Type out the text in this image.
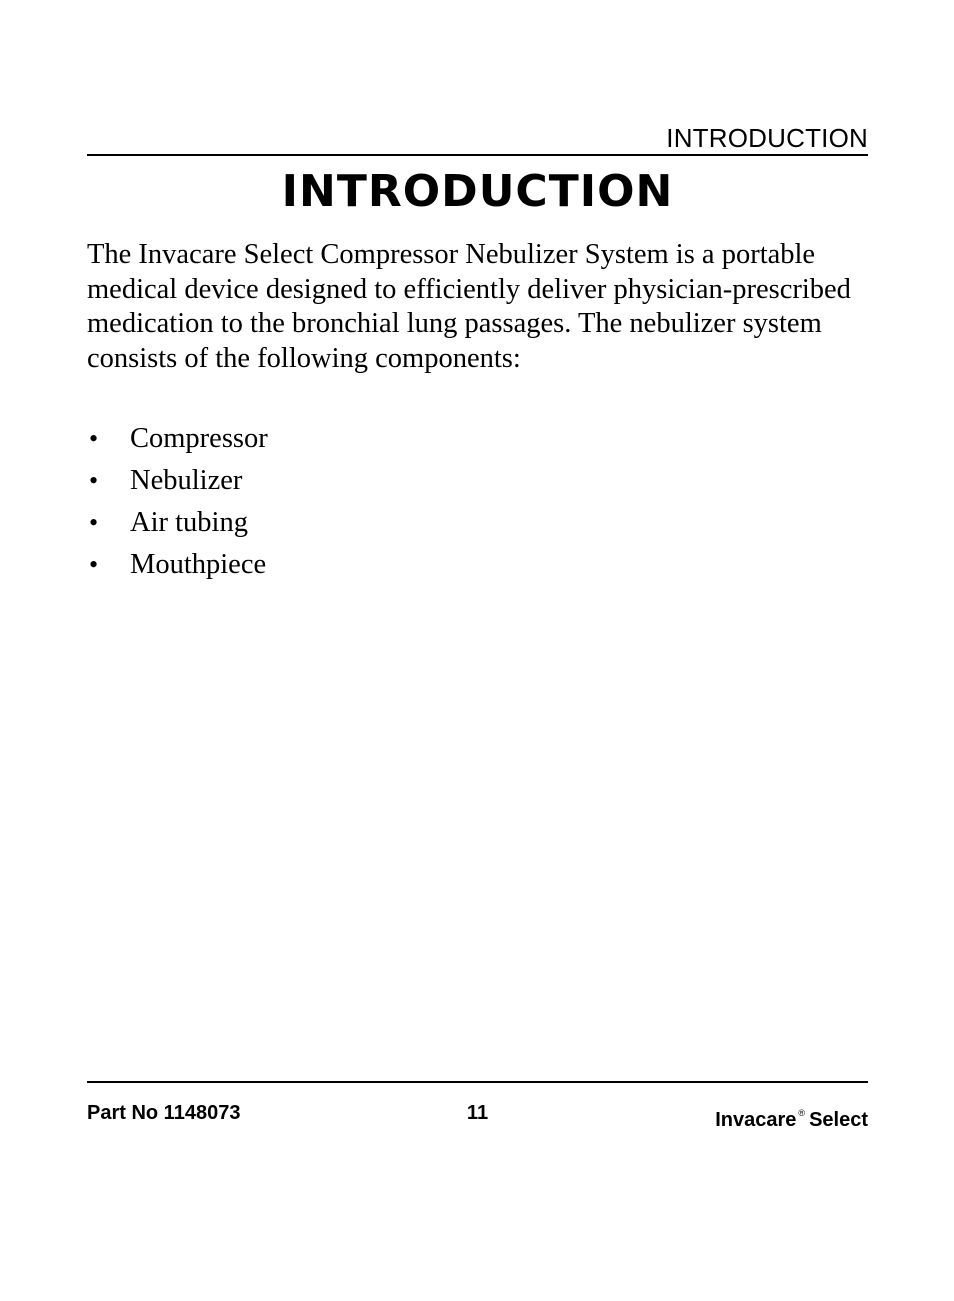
INTRODUCTION
INTRODUCTION

The Invacare Select Compressor Nebulizer System is a portable medical device designed to efficiently deliver physician-prescribed medication to the bronchial lung passages. The nebulizer system consists of the following components:

•	Compressor
•	Nebulizer
•	Air tubing
•	Mouthpiece
Part No 1148073	11	Invacare ® Select
